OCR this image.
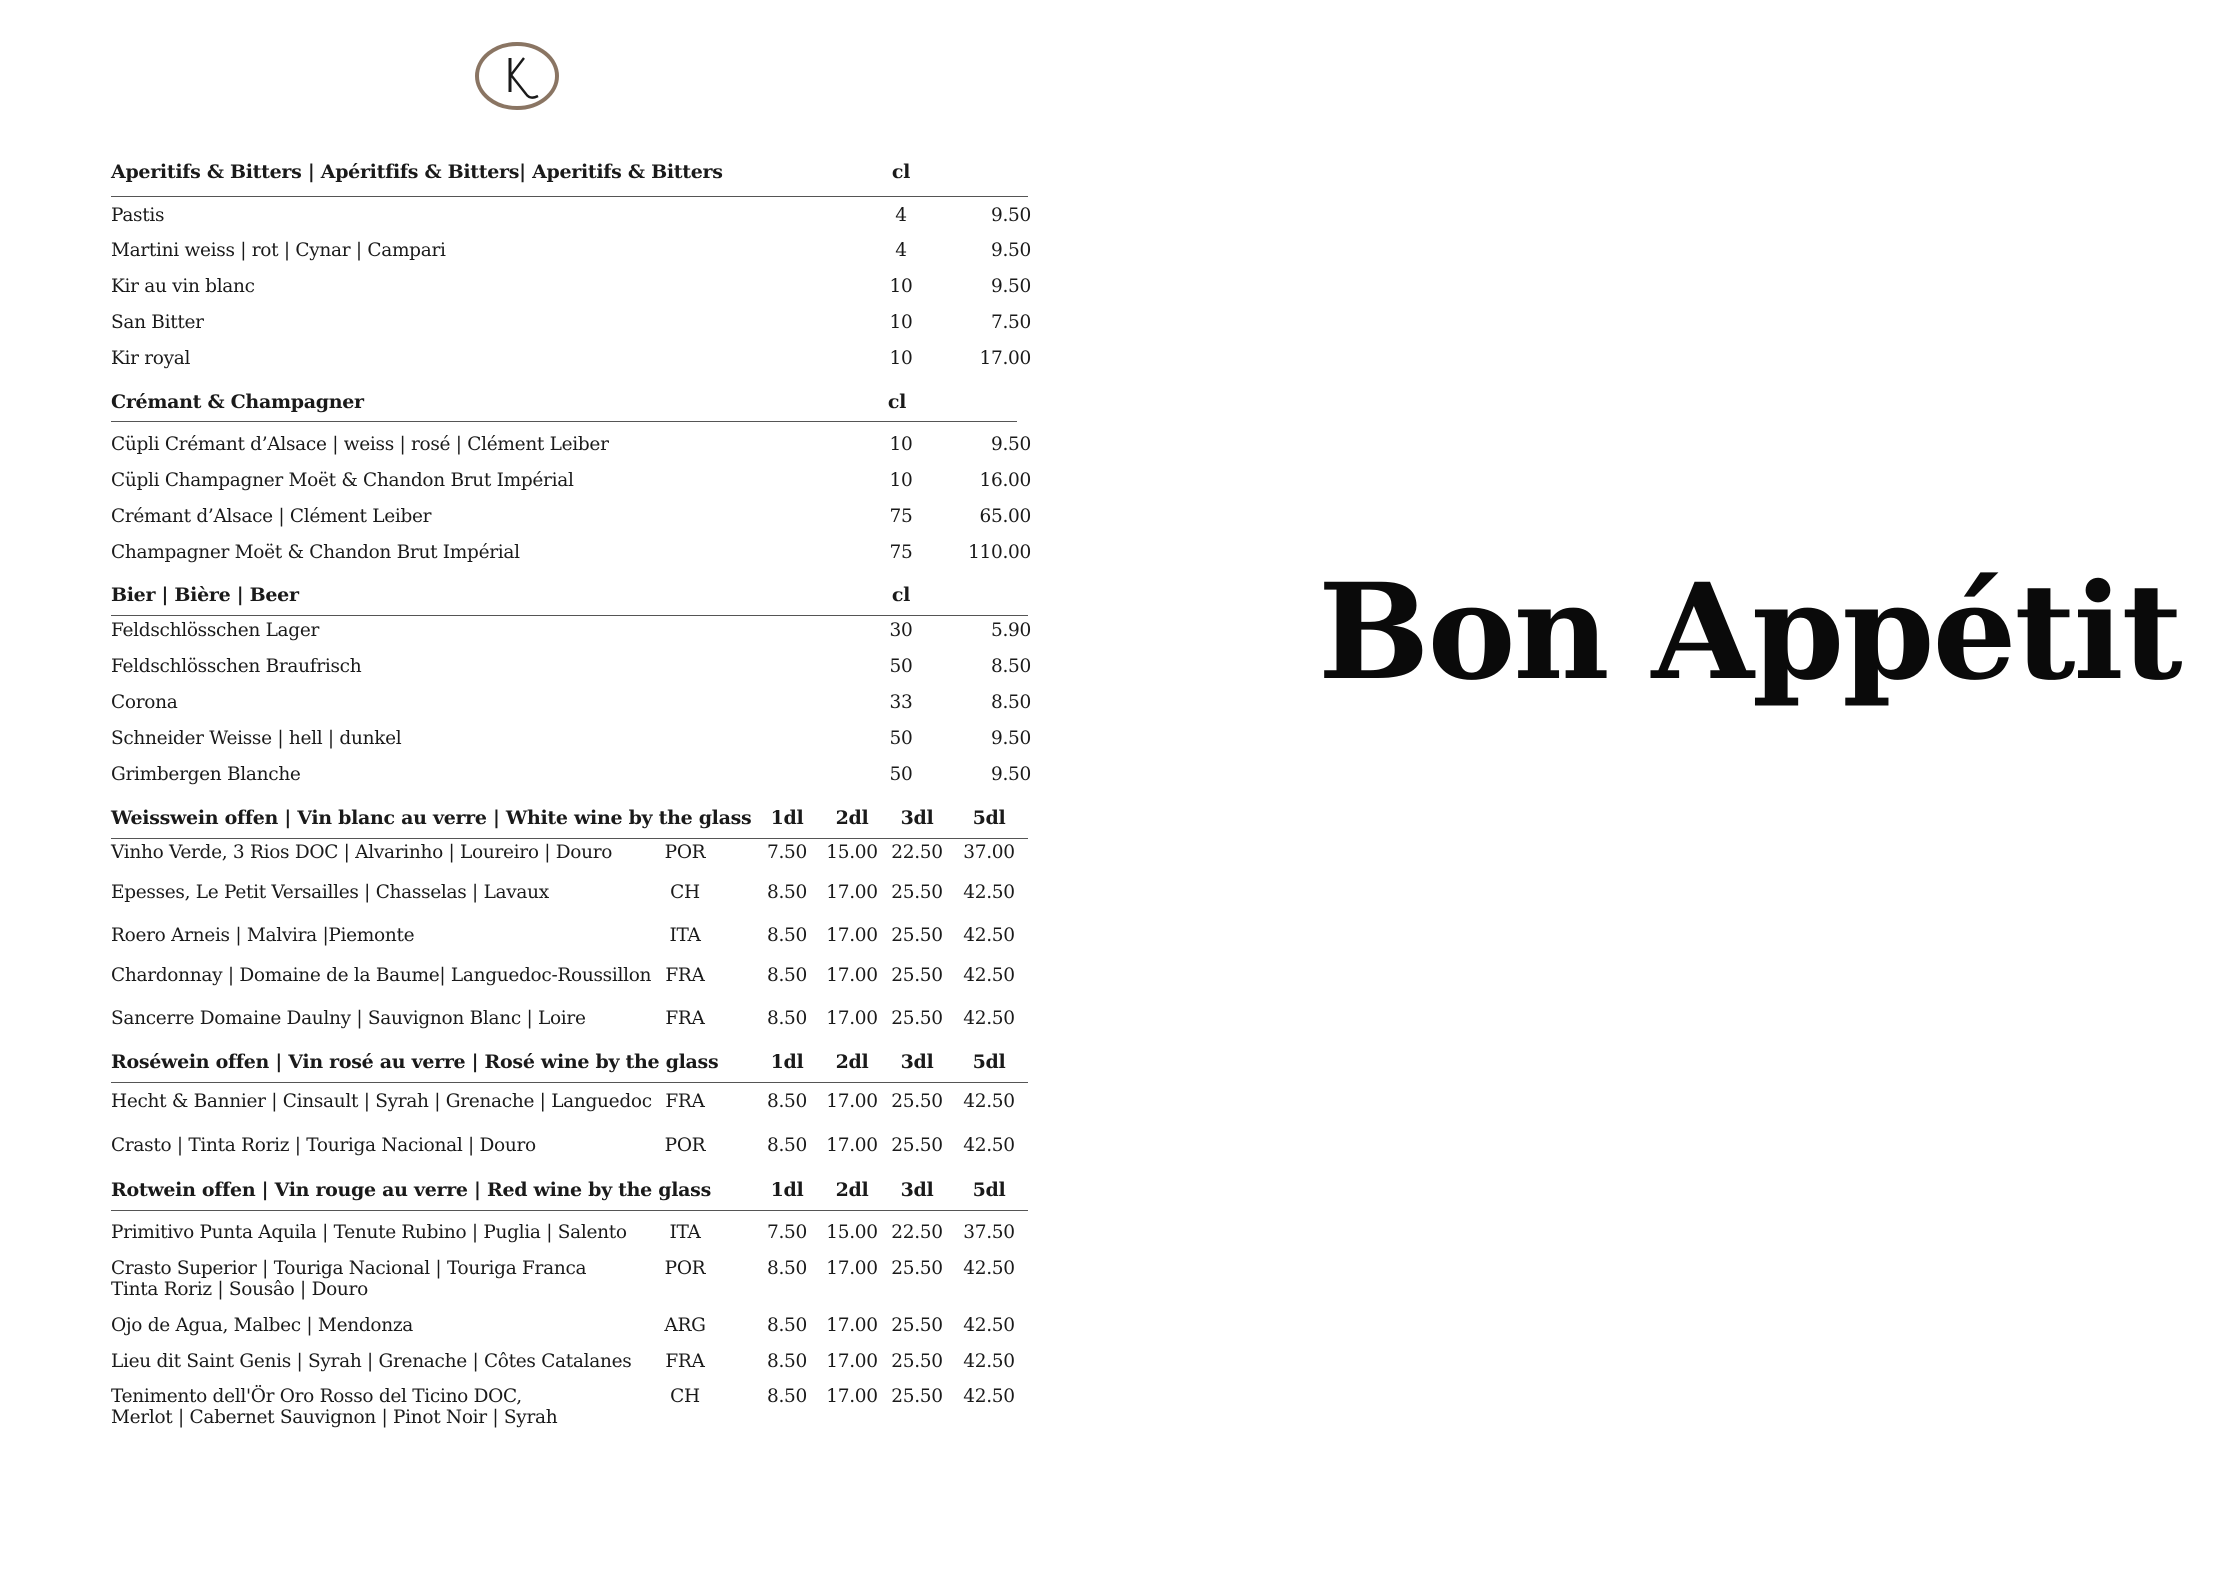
Aperitifs & Bitters | Apéritfifs & Bitters| Aperitifs & Bitters	cl
Pastis	4	9.50
Martini weiss | rot | Cynar | Campari	4	9.50
Kir au vin blanc	10	9.50
San Bitter	10	7.50
Kir royal	10	17.00
Crémant & Champagner	cl
Cüpli Crémant d’Alsace | weiss | rosé | Clément Leiber	10	9.50
Cüpli Champagner Moët & Chandon Brut Impérial	10	16.00
Crémant d’Alsace | Clément Leiber	75	65.00
Champagner Moët & Chandon Brut Impérial	75	110.00
Bier | Bière | Beer	cl
Feldschlösschen Lager	30	5.90
Feldschlösschen Braufrisch	50	8.50
Corona	33	8.50
Schneider Weisse | hell | dunkel	50	9.50
Grimbergen Blanche	50	9.50
Weisswein offen | Vin blanc au verre | White wine by the glass	1dl	2dl	3dl	5dl
Vinho Verde, 3 Rios DOC | Alvarinho | Loureiro | Douro	POR	7.50	15.00 22.50	37.00
Epesses, Le Petit Versailles | Chasselas | Lavaux	CH	8.50	17.00 25.50	42.50
Roero Arneis | Malvira |Piemonte	ITA	8.50	17.00 25.50	42.50
Chardonnay | Domaine de la Baume| Languedoc-Roussillon FRA	8.50	17.00 25.50	42.50
Sancerre Domaine Daulny | Sauvignon Blanc | Loire	FRA	8.50	17.00 25.50	42.50
Roséwein offen | Vin rosé au verre | Rosé wine by the glass	1dl	2dl	3dl	5dl
Hecht & Bannier | Cinsault | Syrah | Grenache | Languedoc FRA	8.50	17.00 25.50	42.50
Crasto | Tinta Roriz | Touriga Nacional | Douro	POR	8.50	17.00 25.50	42.50
Rotwein offen | Vin rouge au verre | Red wine by the glass	1dl	2dl	3dl	5dl
Primitivo Punta Aquila | Tenute Rubino | Puglia | Salento	ITA	7.50	15.00 22.50	37.50
Crasto Superior | Touriga Nacional | Touriga Franca
Tinta Roriz | Sousâo | Douro
POR	8.50	17.00 25.50	42.50
Ojo de Agua, Malbec | Mendonza	ARG	8.50	17.00 25.50	42.50
Lieu dit Saint Genis | Syrah | Grenache | Côtes Catalanes	FRA	8.50	17.00 25.50	42.50
Tenimento dell'Ör Oro Rosso del Ticino DOC,
Merlot | Cabernet Sauvignon | Pinot Noir | Syrah
CH	8.50	17.00 25.50	42.50
Bon Appétit
